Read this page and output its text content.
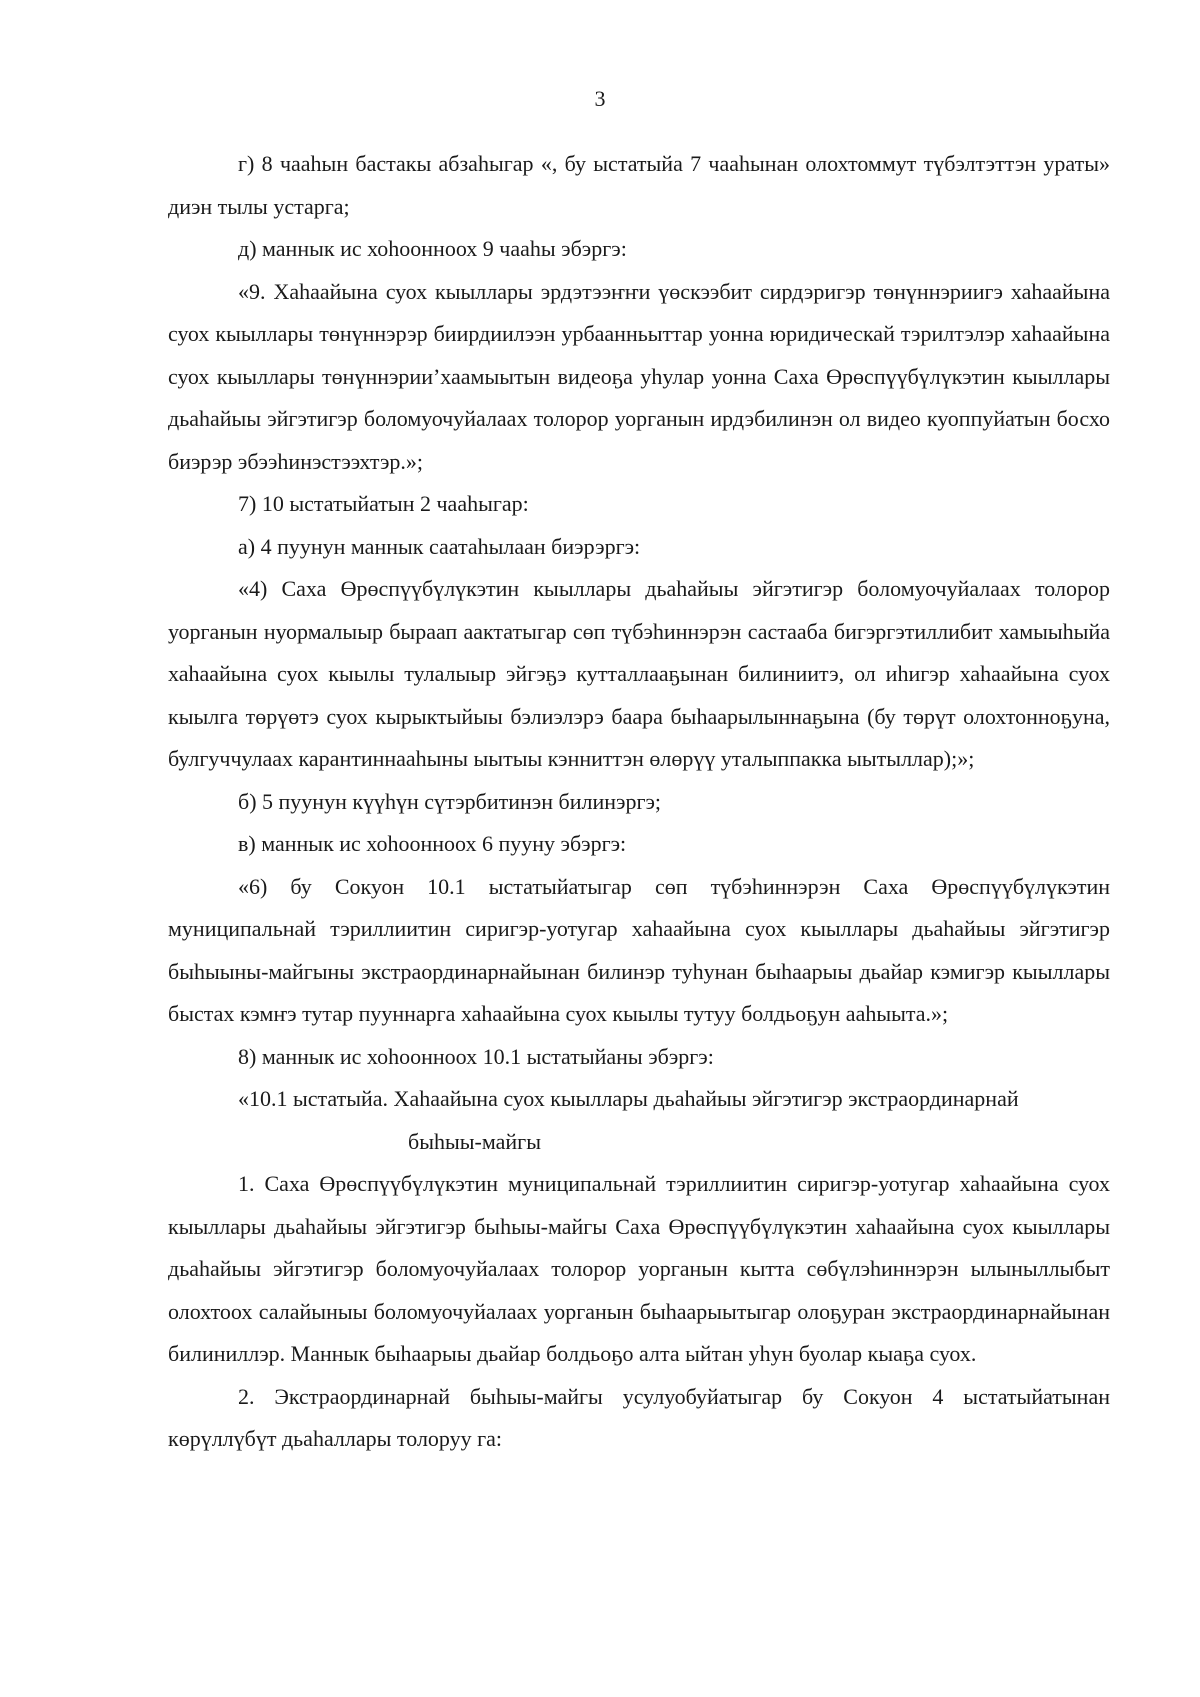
3

г) 8 чааһын бастакы абзаһыгар «, бу ыстатыйа 7 чааһынан олохтоммут түбэлтэттэн ураты» диэн тылы устарга;

д) маннык ис хоһоонноох 9 чааһы эбэргэ:

«9. Хаһаайына суох кыыллары эрдэтээҥҥи үөскээбит сирдэригэр төнүннэриигэ хаһаайына суох кыыллары төнүннэрэр биирдиилээн урбаанньыттар уонна юридическай тэрилтэлэр хаһаайына суох кыыллары төнүннэрии’хаамыытын видеоҕа уһулар уонна Саха Өрөспүүбүлүкэтин кыыллары дьаһайыы эйгэтигэр боломуочуйалаах толорор уорганын ирдэбилинэн ол видео куоппуйатын босхо биэрэр эбээһинэстээхтэр.»;

7) 10 ыстатыйатын 2 чааһыгар:

а) 4 пуунун маннык саатаһылаан биэрэргэ:

«4) Саха Өрөспүүбүлүкэтин кыыллары дьаһайыы эйгэтигэр боломуочуйалаах толорор уорганын нуормалыыр быраап аактатыгар сөп түбэһиннэрэн састааба бигэргэтиллибит хамыыһыйа хаһаайына суох кыылы тулалыыр эйгэҕэ кутталлааҕынан билиниитэ, ол иһигэр хаһаайына суох кыылга төрүөтэ суох кырыктыйыы бэлиэлэрэ баара быһаарылыннаҕына (бу төрүт олохтонноҕуна, булгуччулаах карантиннааһыны ыытыы кэнниттэн өлөрүү уталыппакка ыытыллар);»;

б) 5 пуунун күүһүн сүтэрбитинэн билинэргэ;

в) маннык ис хоһоонноох 6 пууну эбэргэ:

«6) бу Сокуон 10.1 ыстатыйатыгар сөп түбэһиннэрэн Саха Өрөспүүбүлүкэтин муниципальнай тэриллиитин сиригэр-уотугар хаһаайына суох кыыллары дьаһайыы эйгэтигэр быһыыны-майгыны экстраординарнайынан билинэр туһунан быһаарыы дьайар кэмигэр кыыллары быстах кэмҥэ тутар пууннарга хаһаайына суох кыылы тутуу болдьоҕун ааһыыта.»;

8) маннык ис хоһоонноох 10.1 ыстатыйаны эбэргэ:

«10.1 ыстатыйа. Хаһаайына суох кыыллары дьаһайыы эйгэтигэр экстраординарнай
быһыы-майгы

1. Саха Өрөспүүбүлүкэтин муниципальнай тэриллиитин сиригэр-уотугар хаһаайына суох кыыллары дьаһайыы эйгэтигэр быһыы-майгы Саха Өрөспүүбүлүкэтин хаһаайына суох кыыллары дьаһайыы эйгэтигэр боломуочуйалаах толорор уорганын кытта сөбүлэһиннэрэн ылыныллыбыт олохтоох салайыныы боломуочуйалаах уорганын быһаарыытыгар олоҕуран экстраординарнайынан билиниллэр. Маннык быһаарыы дьайар болдьоҕо алта ыйтан уһун буолар кыаҕа суох.

2. Экстраординарнай быһыы-майгы усулуобуйатыгар бу Сокуон 4 ыстатыйатынан көрүллүбүт дьаһаллары толоруу га:
